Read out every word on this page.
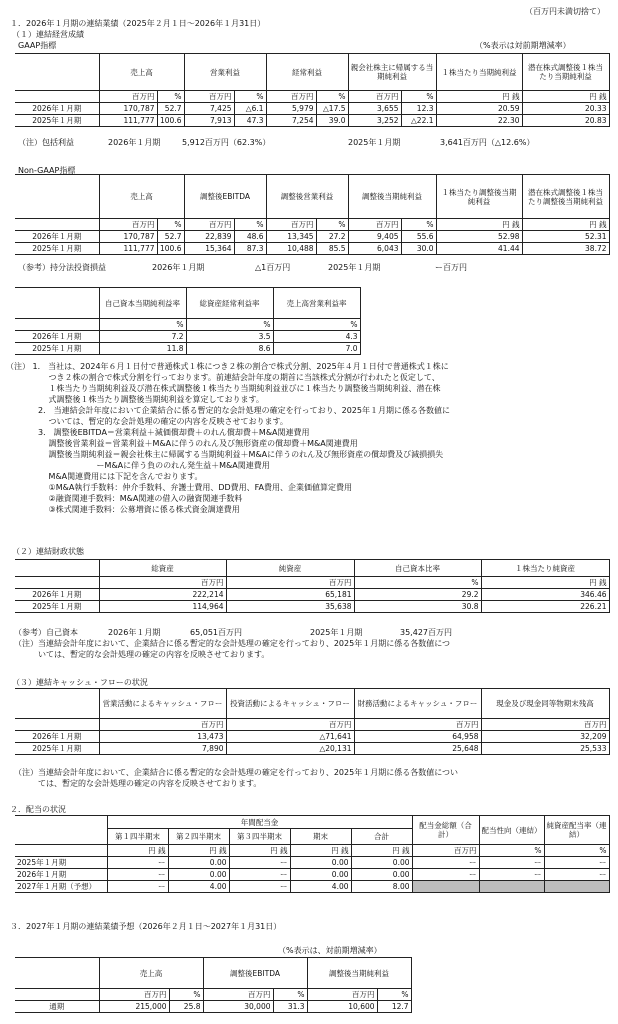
（百万円未満切捨て）
１．2026年１月期の連結業績（2025年２月１日～2026年１月31日）
（１）連結経営成績
GAAP指標	（%表示は対前期増減率）
	売上高		営業利益		経常利益		親会社株主に帰属する当期純利益		１株当たり当期純利益	潜在株式調整後１株当たり当期純利益
	百万円	%	百万円	%	百万円	%	百万円	%	円 銭	円 銭
2026年１月期	170,787	52.7	7,425	△6.1	5,979	△17.5	3,655	12.3	20.59	20.33
2025年１月期	111,777	100.6	7,913	47.3	7,254	39.0	3,252	△22.1	22.30	20.83
（注）包括利益	2026年１月期	5,912百万円（62.3%）	2025年１月期	3,641百万円（△12.6%）
Non-GAAP指標
	売上高		調整後EBITDA		調整後営業利益		調整後当期純利益		１株当たり調整後当期純利益	潜在株式調整後１株当たり調整後当期純利益
	百万円	%	百万円	%	百万円	%	百万円	%	円 銭	円 銭
2026年１月期	170,787	52.7	22,839	48.6	13,345	27.2	9,405	55.6	52.98	52.31
2025年１月期	111,777	100.6	15,364	87.3	10,488	85.5	6,043	30.0	41.44	38.72
（参考）持分法投資損益	2026年１月期	△1百万円	2025年１月期	ー百万円
	自己資本当期純利益率	総資産経常利益率	売上高営業利益率
	%	%	%
2026年１月期	7.2	3.5	4.3
2025年１月期	11.8	8.6	7.0
（注） 1． 当社は、2024年６月１日付で普通株式１株につき２株の割合で株式分割、2025年４月１日付で普通株式１株に
　　　　　 つき２株の割合で株式分割を行っております。前連結会計年度の期首に当該株式分割が行われたと仮定して、
　　　　　 １株当たり当期純利益及び潜在株式調整後１株当たり当期純利益並びに１株当たり調整後当期純利益、潜在株
　　　　　 式調整後１株当たり調整後当期純利益を算定しております。
　　　　2． 当連結会計年度において企業結合に係る暫定的な会計処理の確定を行っており、2025年１月期に係る各数値に
　　　　　 ついては、暫定的な会計処理の確定の内容を反映させております。
　　　　3． 調整後EBITDA＝営業利益＋減価償却費＋のれん償却費＋M&A関連費用
　　　　　 調整後営業利益＝営業利益＋M&Aに伴うのれん及び無形資産の償却費＋M&A関連費用
　　　　　 調整後当期純利益＝親会社株主に帰属する当期純利益＋M&Aに伴うのれん及び無形資産の償却費及び減損損失
　　　　　　　　　　　 ーM&Aに伴う負ののれん発生益＋M&A関連費用
　　　　　 M&A関連費用には下記を含んでおります。
　　　　　 ①M&A執行手数料：仲介手数料、弁護士費用、DD費用、FA費用、企業価値算定費用
　　　　　 ②融資関連手数料：M&A関連の借入の融資関連手数料
　　　　　 ③株式関連手数料：公募増資に係る株式資金調達費用
（２）連結財政状態
	総資産	純資産	自己資本比率	１株当たり純資産
	百万円	百万円	%	円 銭
2026年１月期	222,214	65,181	29.2	346.46
2025年１月期	114,964	35,638	30.8	226.21
（参考）自己資本	2026年１月期	65,051百万円	2025年１月期	35,427百万円
（注）当連結会計年度において、企業結合に係る暫定的な会計処理の確定を行っており、2025年１月期に係る各数値につ
　　　いては、暫定的な会計処理の確定の内容を反映させております。
（３）連結キャッシュ・フローの状況
	営業活動によるキャッシュ・フロー	投資活動によるキャッシュ・フロー	財務活動によるキャッシュ・フロー	現金及び現金同等物期末残高
	百万円	百万円	百万円	百万円
2026年１月期	13,473	△71,641	64,958	32,209
2025年１月期	7,890	△20,131	25,648	25,533
（注）当連結会計年度において、企業結合に係る暫定的な会計処理の確定を行っており、2025年１月期に係る各数値につい
　　　ては、暫定的な会計処理の確定の内容を反映させております。
２．配当の状況
	年間配当金					配当金総額（合計）	配当性向（連結）	純資産配当率（連結）
	第１四半期末	第２四半期末	第３四半期末	期末	合計			
	円 銭	円 銭	円 銭	円 銭	円 銭	百万円	%	%
2025年１月期	ー	0.00	ー	0.00	0.00	ー	ー	ー
2026年１月期	ー	0.00	ー	0.00	0.00	ー	ー	ー
2027年１月期（予想）	ー	4.00	ー	4.00	8.00			
３．2027年１月期の連結業績予想（2026年２月１日～2027年１月31日）
（%表示は、対前期増減率）
	売上高		調整後EBITDA		調整後当期純利益	
	百万円	%	百万円	%	百万円	%
通期	215,000	25.8	30,000	31.3	10,600	12.7
